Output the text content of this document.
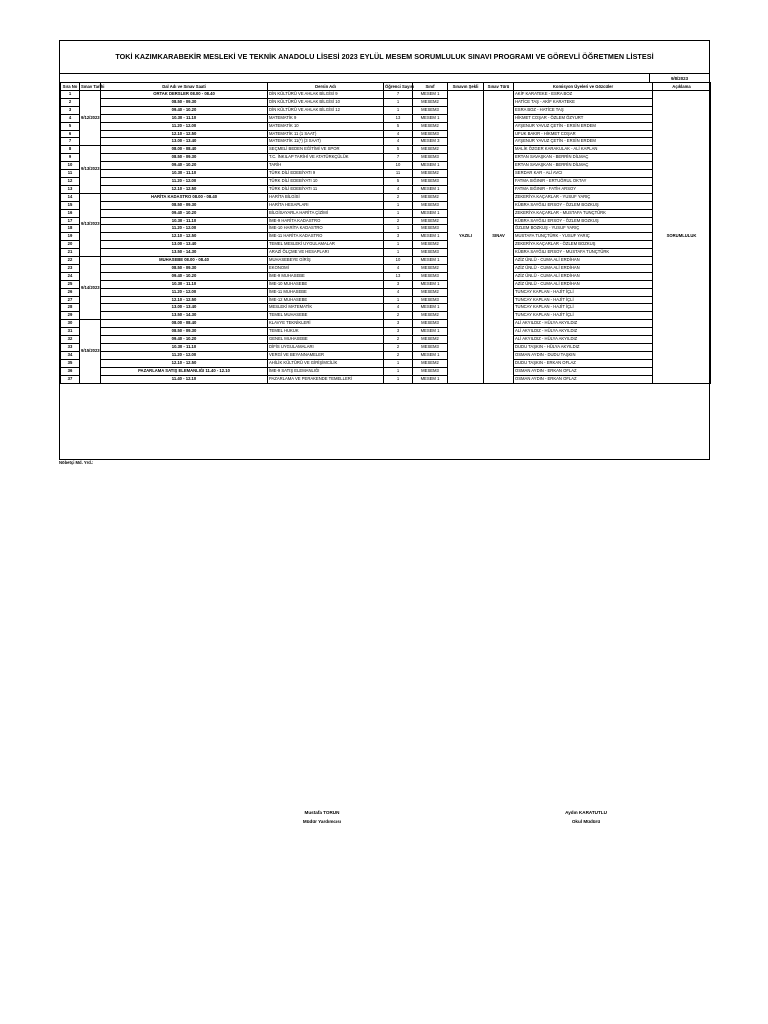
TOKİ KAZIMKARABEKİR MESLEKİ VE TEKNİK ANADOLU LİSESİ 2023 EYLÜL MESEM SORUMLULUK SINAVI PROGRAMI VE GÖREVLİ ÖĞRETMEN LİSTESİ
9/8/2023
Sıra No	Sınav Tarihi	Dal Adı ve Sınav Saati	Dersin Adı	Öğrenci Sayısı	Sınıf	Sınavın Şekli	Sınav Türü	Komisyon Üyeleri ve Gözcüler	Açıklama
1	9/12/2023	ORTAK DERSLER 08.00 - 08.40	DİN KÜLTÜRÜ VE AHLAK BİLGİSİ 9	7	MESEM 1	YAZILI	SINAV	AKİF KARATEKE - ESRA BOZ	SORUMLULUK
2		08.50 - 09.30	DİN KÜLTÜRÜ VE AHLAK BİLGİSİ 10	1	MESEM2			HATİCE TAŞ - AKİF KARATEKE	
3		09.40 - 10.20	DİN KÜLTÜRÜ VE AHLAK BİLGİSİ 12	1	MESEM3			ESRA BOZ - HATİCE TAŞ	
4		10.30 - 11.10	MATEMATİK 9	13	MESEM 1			HİKMET COŞAR - ÖZLEM ÖZYURT	
5		11.20 - 12.00	MATEMATİK 10	5	MESEM2			AYŞENUR YAVUZ ÇETİN - ERSİN ERDEM	
6		12.10 - 12.50	MATEMATİK 11 (1 SAAT)	4	MESEM3			UFUK BAKIR - HİKMET COŞAR	
7		13.00 - 13.40	MATEMATİK 11(*) (3 SAAT)	4	MESEM 3			AYŞENUR YAVUZ ÇETİN - ERSİN ERDEM	
8	9/13/2023	08.00 - 08.40	SEÇMELİ BEDEN EĞİTİMİ VE SPOR	5	MESEM2			MALİK ÖZGER KARAKULAK - ALİ KAPLAN	
9		08.50 - 09.30	T.C. İNKILAP TARİHİ VE ATATÜRKÇÜLÜK	7	MESEM3			ERTAN SAVAŞKAN - BERRİN DİLMAÇ	
10		09.40 - 10.20	TARİH	10	MESEM 1			ERTAN SAVAŞKAN - BERRİN DİLMAÇ	
11		10.30 - 11.10	TÜRK DİLİ EDEBİYATI 9	11	MESEM2			SERDAR KAR - ALİ AVCI	
12		11.20 - 12.00	TÜRK DİLİ EDEBİYATI 10	5	MESEM3			FATMA SIĞINIR - ERTUĞRUL OKTAY	
13		12.10 - 12.50	TÜRK DİLİ EDEBİYATI 11	4	MESEM 1			FATMA SIĞINIR - FATİH ARSOY	
14	9/13/2023	HARİTA KADASTRO 08.00 - 08.40	HARİTA BİLGİSİ	2	MESEM2			ZEKERİYA KAÇARLAR - YUSUF YARIÇ	
15		08.50 - 09.30	HARİTA HESAPLARI	1	MESEM3			KÜBRA SAYĞILI ERSOY - ÖZLEM BOZKUŞ	
16		09.40 - 10.20	BİLGİSAYARLA HARİTA ÇİZİMİ	1	MESEM 1			ZEKERİYA KAÇARLAR - MUSTAFA TUNÇTÜRK	
17		10.30 - 11.10	İME-9 HARİTA KADASTRO	2	MESEM2			KÜBRA SAYĞILI ERSOY - ÖZLEM BOZKUŞ	
18		11.20 - 12.00	İME-10 HARİTA KADASTRO	1	MESEM3			ÖZLEM BOZKUŞ - YUSUF YARIÇ	
19		12.10 - 12.50	İME-11 HARİTA KADASTRO	3	MESEM 1			MUSTAFA TUNÇTÜRK - YUSUF YARIÇ	
20		13.00 - 13.40	TEMEL MESLEKİ UYGULAMALAR	1	MESEM2			ZEKERİYA KAÇARLAR - ÖZLEM BOZKUŞ	
21		13.50 - 14.30	ARAZİ ÖLÇME VE HESAPLARI	1	MESEM3			KÜBRA SAYĞILI ERSOY - MUSTAFA TUNÇTÜRK	
22	9/14/2023	MUHASEBE 08.00 - 08.40	MUHASEBEYE GİRİŞ	10	MESEM 1			AZİZ ÜNLÜ - CUMA ALİ ERDİHAN	
23		08.50 - 09.30	EKONOMİ	4	MESEM2			AZİZ ÜNLÜ - CUMA ALİ ERDİHAN	
24		09.40 - 10.20	İME-9 MUHASEBE	13	MESEM3			AZİZ ÜNLÜ - CUMA ALİ ERDİHAN	
25		10.30 - 11.10	İME-10 MUHASEBE	3	MESEM 1			AZİZ ÜNLÜ - CUMA ALİ ERDİHAN	
26		11.20 - 12.00	İME-11 MUHASEBE	4	MESEM2			TUNCAY KAPLAN - HAJİT İÇLİ	
27		12.10 - 12.50	İME-12 MUHASEBE	1	MESEM3			TUNCAY KAPLAN - HAJİT İÇLİ	
28		13.00 - 13.40	MESLEKİ MATEMATİK	4	MESEM 1			TUNCAY KAPLAN - HAJİT İÇLİ	
29		13.50 - 14.30	TEMEL MUHASEBE	2	MESEM2			TUNCAY KAPLAN - HAJİT İÇLİ	
30	9/15/2023	08.00 - 08.40	KLAVYE TEKNİKLERİ	3	MESEM3			ALİ AKYILDIZ - HÜLYA AKYILDIZ	
31		08.50 - 09.30	TEMEL HUKUK	3	MESEM 1			ALİ AKYILDIZ - HÜLYA AKYILDIZ	
32		09.40 - 10.20	GENEL MUHASEBE	2	MESEM2			ALİ AKYILDIZ - HÜLYA AKYILDIZ	
33		10.30 - 11.10	DİFİS UYGULAMALARI	2	MESEM3			DUDU TAŞKIN - HÜLYA AKYILDIZ	
34		11.20 - 12.00	VERGİ VE BEYANNAMELER	2	MESEM 1			OSMAN AYDIN - DUDU TAŞKIN	
35		12.10 - 12.50	AHİLİK KÜLTÜRÜ VE GİRİŞİMCİLİK	1	MESEM2			DUDU TAŞKIN - ERKAN OFLAZ	
36		PAZARLAMA SATIŞ ELEMANLIĞI 11.40 - 12.10	İME-9 SATIŞ ELEMANLIĞI	1	MESEM3			OSMAN AYDIN - ERKAN OFLAZ	
37		11.40 - 12.10	PAZARLAMA VE PERAKENDE TEMELLERİ	1	MESEM 1			OSMAN AYDIN - ERKAN OFLAZ	
Nöbetçi Md. Yrd.:
Mustafa TORUN
Müdür Yardımcısı
Aydın KARATUTLU
Okul Müdürü
